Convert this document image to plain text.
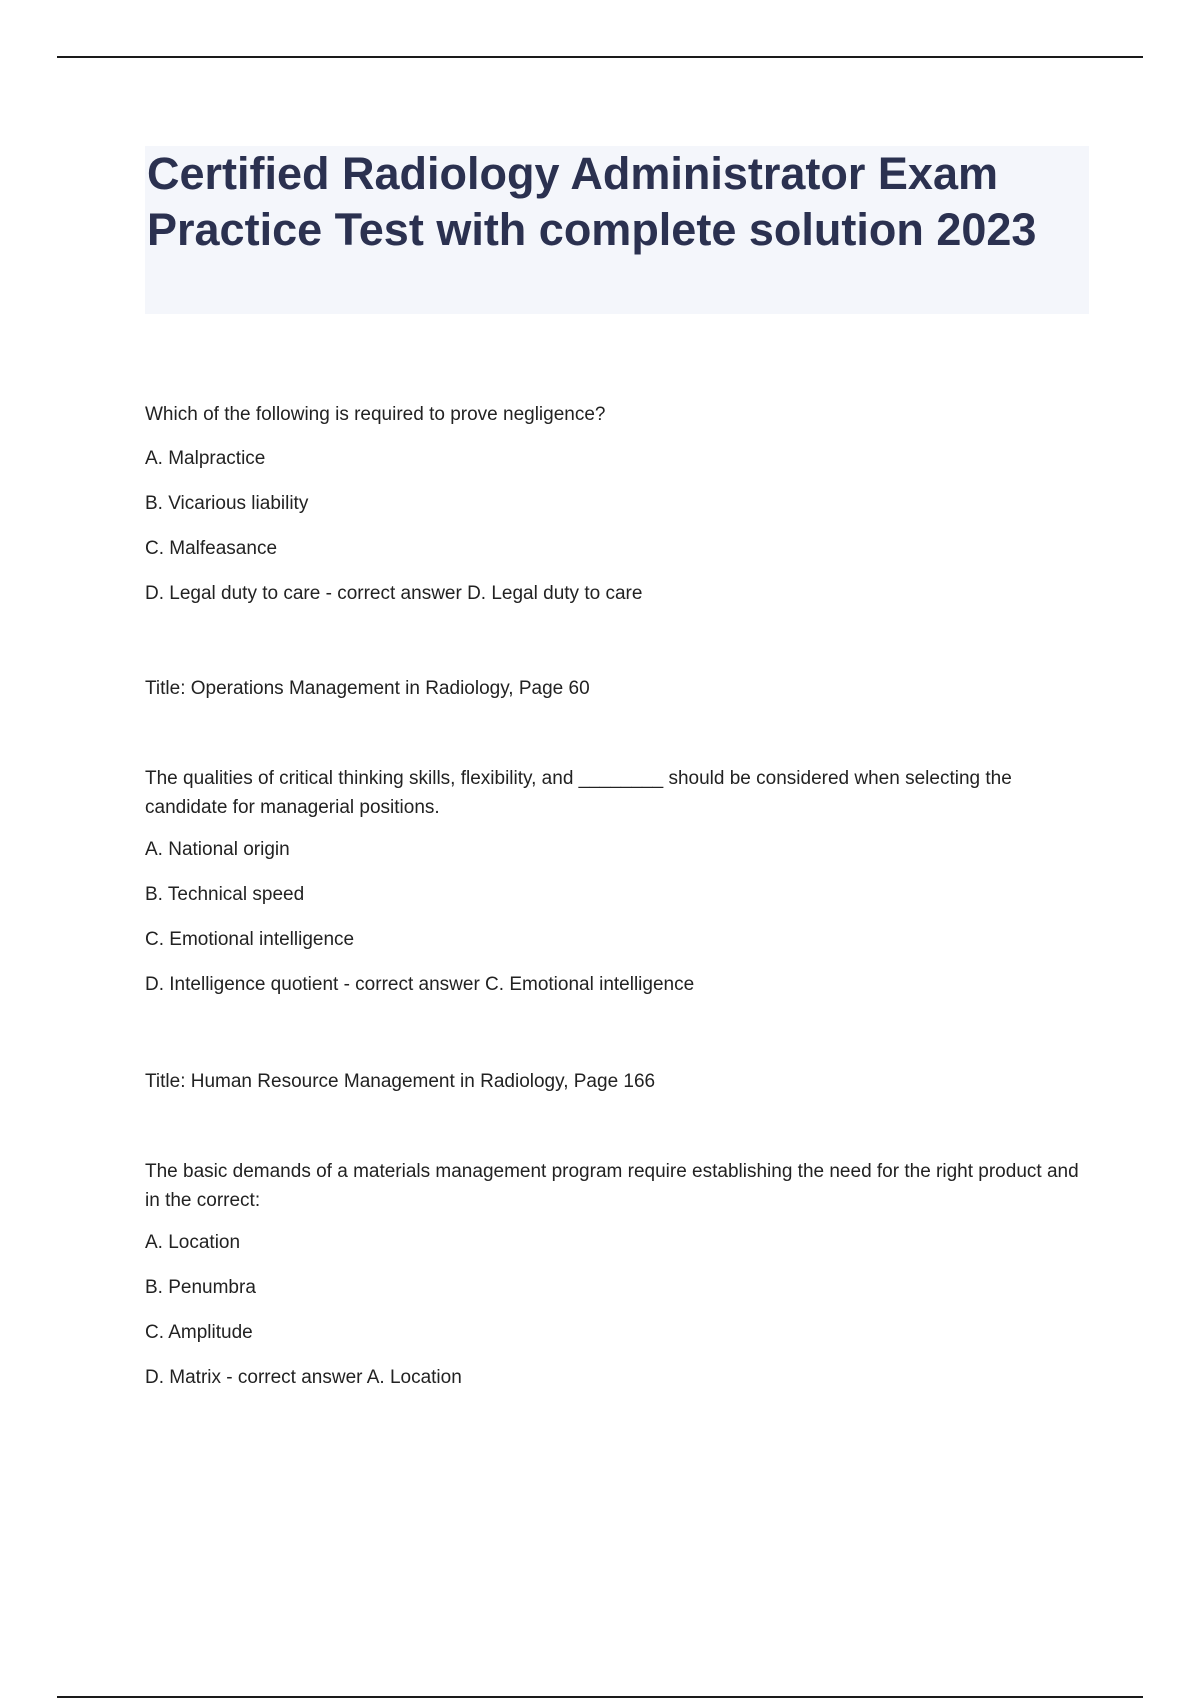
Certified Radiology Administrator Exam Practice Test with complete solution 2023

Which of the following is required to prove negligence?

A. Malpractice

B. Vicarious liability

C. Malfeasance

D. Legal duty to care - correct answer D. Legal duty to care

Title: Operations Management in Radiology, Page 60

The qualities of critical thinking skills, flexibility, and ________ should be considered when selecting the candidate for managerial positions.

A. National origin

B. Technical speed

C. Emotional intelligence

D. Intelligence quotient - correct answer C. Emotional intelligence

Title: Human Resource Management in Radiology, Page 166

The basic demands of a materials management program require establishing the need for the right product and in the correct:

A. Location

B. Penumbra

C. Amplitude

D. Matrix - correct answer A. Location
